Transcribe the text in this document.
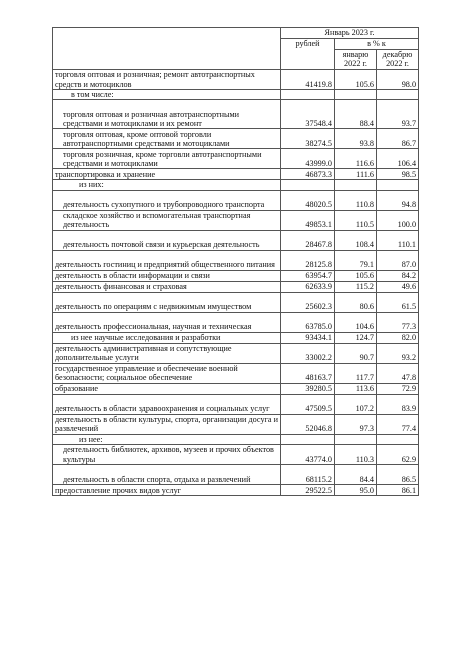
	Январь 2023 г.		
	рублей	в % к	
		январю 2022 г.	декабрю 2022 г.
торговля оптовая и розничная; ремонт автотранспортных средств и мотоциклов	41419.8	105.6	98.0
в том числе:			
торговля оптовая и розничная автотранспортными средствами и мотоциклами и их ремонт	37548.4	88.4	93.7
торговля оптовая, кроме оптовой торговли автотранспортными средствами и мотоциклами	38274.5	93.8	86.7
торговля розничная, кроме торговли автотранспортными средствами и мотоциклами	43999.0	116.6	106.4
транспортировка и хранение	46873.3	111.6	98.5
из них:			
деятельность сухопутного и трубопроводного транспорта	48020.5	110.8	94.8
складское хозяйство и вспомогательная транспортная деятельность	49853.1	110.5	100.0
деятельность почтовой связи и курьерская деятельность	28467.8	108.4	110.1
деятельность гостиниц и предприятий общественного питания	28125.8	79.1	87.0
деятельность в области информации и связи	63954.7	105.6	84.2
деятельность финансовая и страховая	62633.9	115.2	49.6
деятельность по операциям с недвижимым имуществом	25602.3	80.6	61.5
деятельность профессиональная, научная и техническая	63785.0	104.6	77.3
из нее научные исследования и разработки	93434.1	124.7	82.0
деятельность административная и сопутствующие дополнительные услуги	33002.2	90.7	93.2
государственное управление и обеспечение военной безопасности; социальное обеспечение	48163.7	117.7	47.8
образование	39280.5	113.6	72.9
деятельность в области здравоохранения и социальных услуг	47509.5	107.2	83.9
деятельность в области культуры, спорта, организации досуга и развлечений	52046.8	97.3	77.4
из нее:			
деятельность библиотек, архивов, музеев и прочих объектов культуры	43774.0	110.3	62.9
деятельность в области спорта, отдыха и развлечений	68115.2	84.4	86.5
предоставление прочих видов услуг	29522.5	95.0	86.1
